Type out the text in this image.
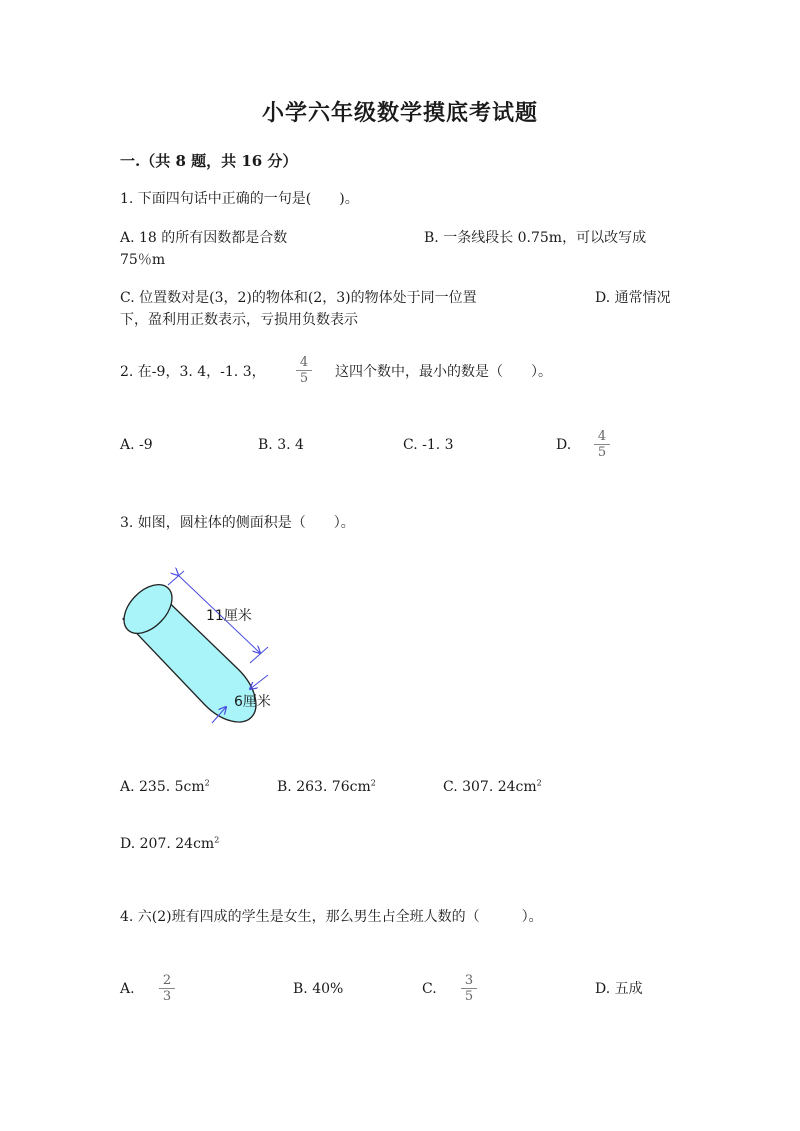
小学六年级数学摸底考试题
一.（共 8 题，共 16 分）
1. 下面四句话中正确的一句是(　　)。
A. 18 的所有因数都是合数	B. 一条线段长 0.75m，可以改写成
75％m
C. 位置数对是(3，2)的物体和(2，3)的物体处于同一位置	D. 通常情况
下，盈利用正数表示，亏损用负数表示
2. 在-9，3. 4，-1. 3， $\frac{4}{5}$ 这四个数中，最小的数是（　　）。
A. -9	B. 3. 4	C. -1. 3	D. $\frac{4}{5}$
3. 如图，圆柱体的侧面积是（　　）。
11厘米
6厘米
A. 235. $5cm^2$	B. 263. $76cm^2$	C. 307. $24cm^2$
D. 207. $24cm^2$
4. 六(2)班有四成的学生是女生，那么男生占全班人数的（　　　）。
A. $\frac{2}{3}$	B. 40%	C. $\frac{3}{5}$	D. 五成
